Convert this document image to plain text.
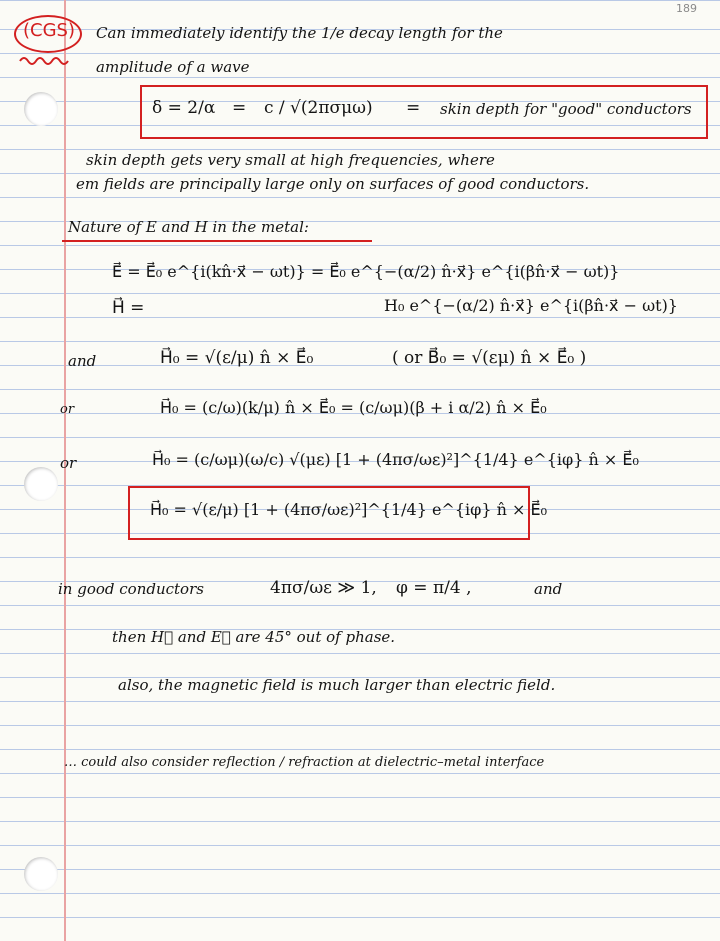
189
(CGS) Can immediately identify the 1/e decay length for the
amplitude of a wave
δ = 2/α = c / √(2πσμω) = skin depth for "good" conductors
skin depth gets very small at high frequencies, where
em fields are principally large only on surfaces of good conductors.
Nature of E and H in the metal:
E⃗ = E⃗₀ e^{i(kn̂·x⃗ − ωt)} = E⃗₀ e^{−(α/2) n̂·x⃗} e^{i(βn̂·x⃗ − ωt)}
H⃗ =	H₀ e^{−(α/2) n̂·x⃗} e^{i(βn̂·x⃗ − ωt)}
and	H⃗₀ = √(ε/μ) n̂ × E⃗₀	( or B⃗₀ = √(εμ) n̂ × E⃗₀ )
or	H⃗₀ = (c/ω)(k/μ) n̂ × E⃗₀ = (c/ωμ)(β + i α/2) n̂ × E⃗₀
or	H⃗₀ = (c/ωμ)(ω/c) √(με) [1 + (4πσ/ωε)²]^{1/4} e^{iφ} n̂ × E⃗₀
H⃗₀ = √(ε/μ) [1 + (4πσ/ωε)²]^{1/4} e^{iφ} n̂ × E⃗₀
in good conductors	4πσ/ωε ≫ 1, φ = π/4 ,	and
then H⃗ and E⃗ are 45° out of phase.
also, the magnetic field is much larger than electric field.
… could also consider reflection / refraction at dielectric–metal interface
